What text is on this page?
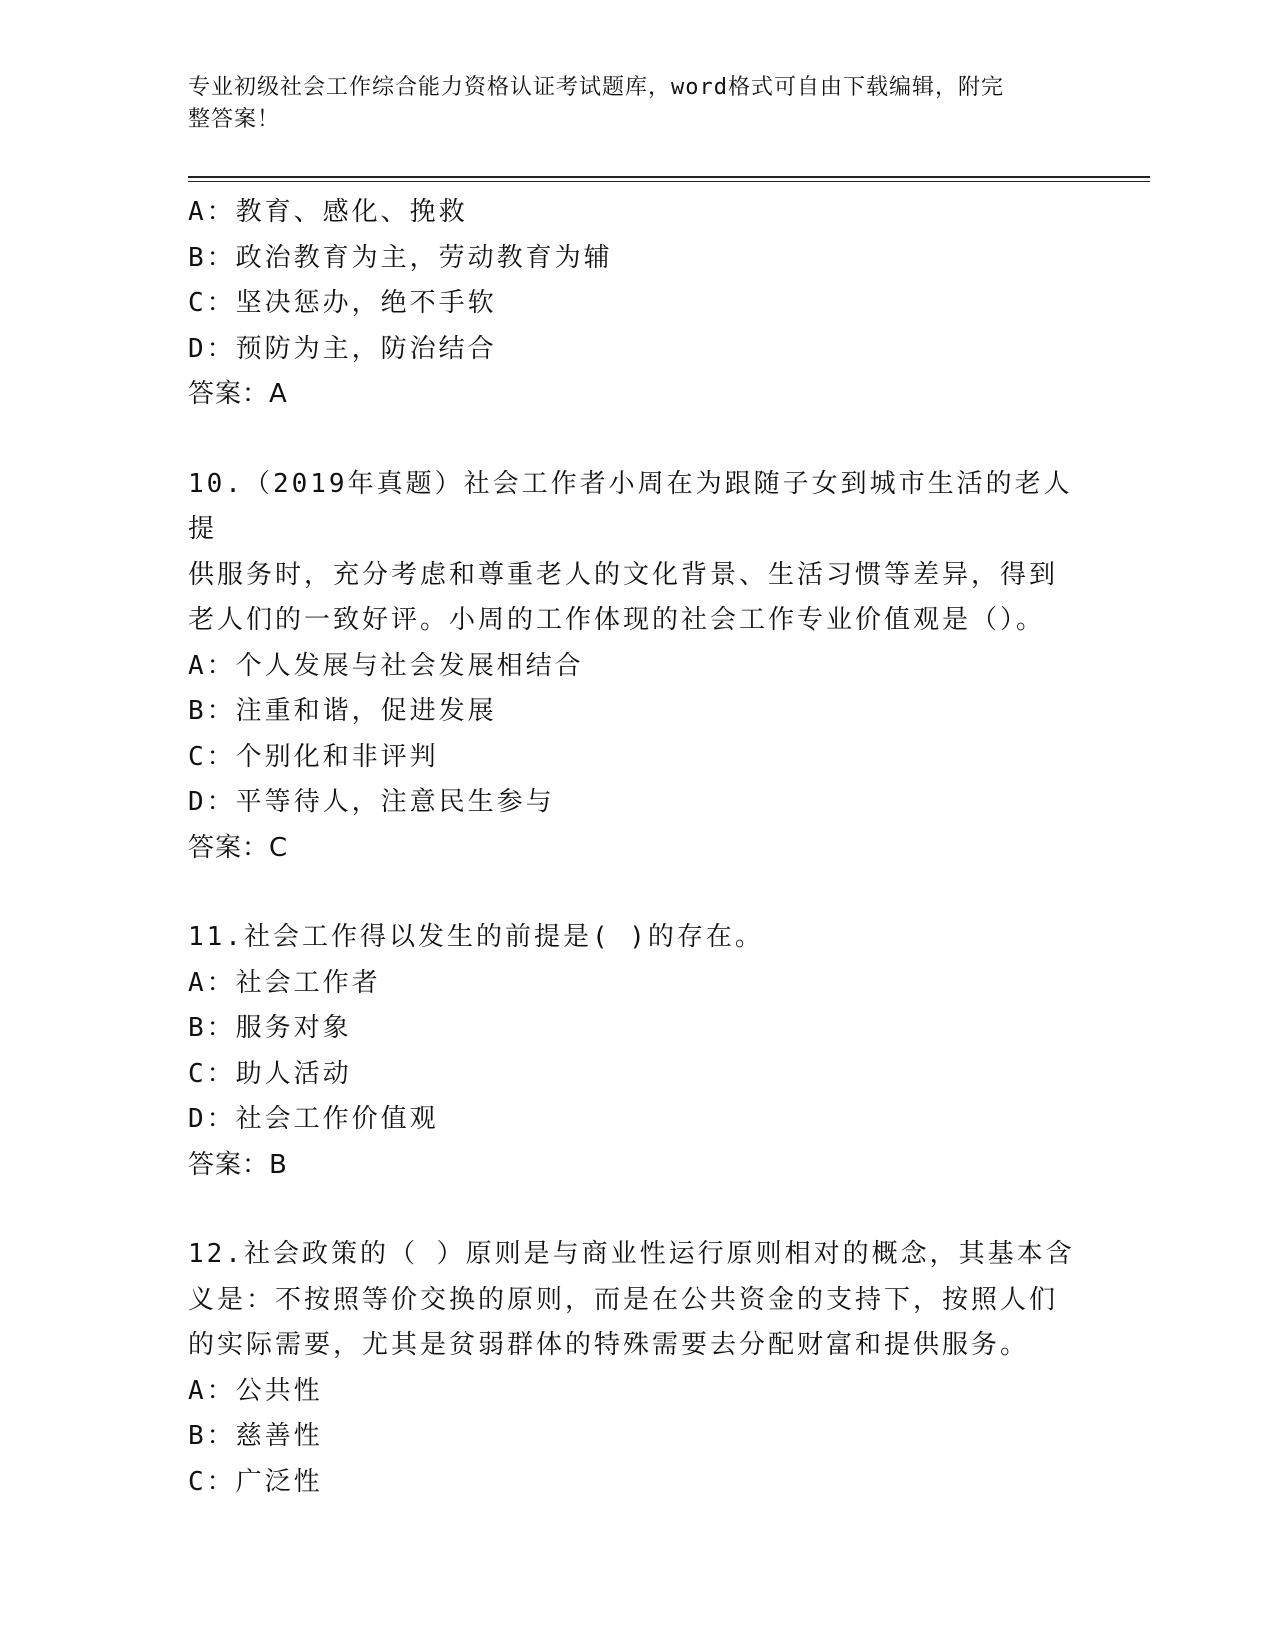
专业初级社会工作综合能力资格认证考试题库，word格式可自由下载编辑，附完
整答案！
A：教育、感化、挽救
B：政治教育为主，劳动教育为辅
C：坚决惩办，绝不手软
D：预防为主，防治结合
答案：A
10.（2019年真题）社会工作者小周在为跟随子女到城市生活的老人提
供服务时，充分考虑和尊重老人的文化背景、生活习惯等差异，得到
老人们的一致好评。小周的工作体现的社会工作专业价值观是（）。
A：个人发展与社会发展相结合
B：注重和谐，促进发展
C：个别化和非评判
D：平等待人，注意民生参与
答案：C
11.社会工作得以发生的前提是( )的存在。
A：社会工作者
B：服务对象
C：助人活动
D：社会工作价值观
答案：B
12.社会政策的（ ）原则是与商业性运行原则相对的概念，其基本含
义是：不按照等价交换的原则，而是在公共资金的支持下，按照人们
的实际需要，尤其是贫弱群体的特殊需要去分配财富和提供服务。
A：公共性
B：慈善性
C：广泛性
